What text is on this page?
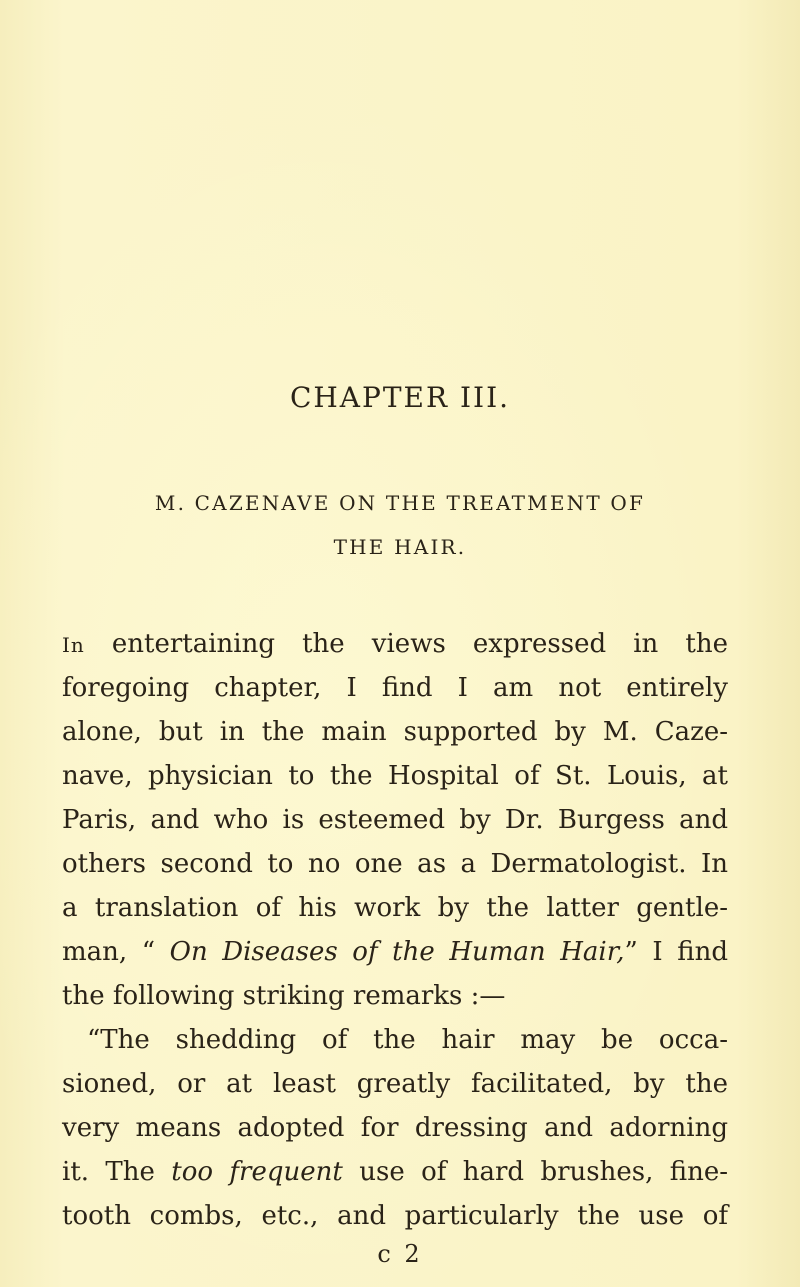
CHAPTER III.
M. CAZENAVE ON THE TREATMENT OF
THE HAIR.
In entertaining the views expressed in the
foregoing chapter, I find I am not entirely
alone, but in the main supported by M. Caze-
nave, physician to the Hospital of St. Louis, at
Paris, and who is esteemed by Dr. Burgess and
others second to no one as a Dermatologist. In
a translation of his work by the latter gentle-
man, “ On Diseases of the Human Hair,” I find
the following striking remarks :—
“The shedding of the hair may be occa-
sioned, or at least greatly facilitated, by the
very means adopted for dressing and adorning
it. The too frequent use of hard brushes, fine-
tooth combs, etc., and particularly the use of
c 2
